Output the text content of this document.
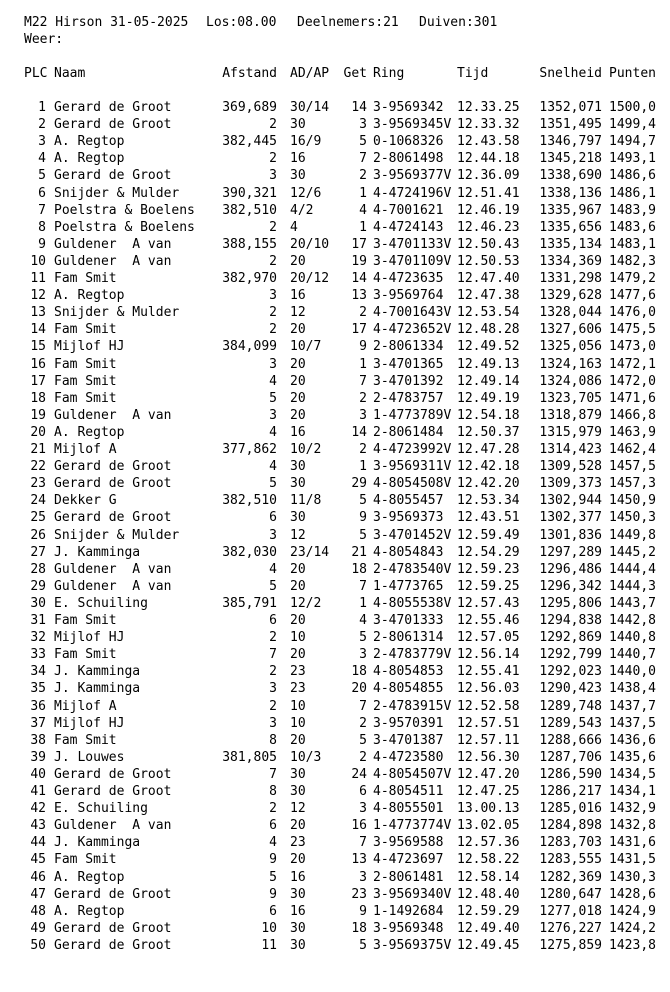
M22 Hirson 31-05-2025

Los:08.00

Deelnemers:21

Duiven:301

Weer:
PLC Naam	Afstand AD/AP Get Ring	Tijd	Snelheid Punten
1 Gerard de Groot	369,689 30/14 14 3-9569342 12.33.25 1352,071 1500,0
2 Gerard de Groot	2 30	3 3-9569345V 12.33.32 1351,495 1499,4
3 A. Regtop	382,445 16/9	5 0-1068326 12.43.58 1346,797 1494,7
4 A. Regtop	2 16	7 2-8061498 12.44.18 1345,218 1493,1
5 Gerard de Groot	3 30	2 3-9569377V 12.36.09 1338,690 1486,6
6 Snijder & Mulder	390,321 12/6	1 4-4724196V 12.51.41 1338,136 1486,1
7 Poelstra & Boelens 382,510 4/2	4 4-7001621 12.46.19 1335,967 1483,9
8 Poelstra & Boelens	2 4	1 4-4724143 12.46.23 1335,656 1483,6
9 Guldener  A van	388,155 20/10 17 3-4701133V 12.50.43 1335,134 1483,1
10 Guldener  A van	2 20	19 3-4701109V 12.50.53 1334,369 1482,3
11 Fam Smit	382,970 20/12 14 4-4723635 12.47.40 1331,298 1479,2
12 A. Regtop	3 16	13 3-9569764 12.47.38 1329,628 1477,6
13 Snijder & Mulder	2 12	2 4-7001643V 12.53.54 1328,044 1476,0
14 Fam Smit	2 20	17 4-4723652V 12.48.28 1327,606 1475,5
15 Mijlof HJ	384,099 10/7	9 2-8061334 12.49.52 1325,056 1473,0
16 Fam Smit	3 20	1 3-4701365 12.49.13 1324,163 1472,1
17 Fam Smit	4 20	7 3-4701392 12.49.14 1324,086 1472,0
18 Fam Smit	5 20	2 2-4783757 12.49.19 1323,705 1471,6
19 Guldener  A van	3 20	3 1-4773789V 12.54.18 1318,879 1466,8
20 A. Regtop	4 16	14 2-8061484 12.50.37 1315,979 1463,9
21 Mijlof A	377,862 10/2	2 4-4723992V 12.47.28 1314,423 1462,4
22 Gerard de Groot	4 30	1 3-9569311V 12.42.18 1309,528 1457,5
23 Gerard de Groot	5 30	29 4-8054508V 12.42.20 1309,373 1457,3
24 Dekker G	382,510 11/8	5 4-8055457 12.53.34 1302,944 1450,9
25 Gerard de Groot	6 30	9 3-9569373 12.43.51 1302,377 1450,3
26 Snijder & Mulder	3 12	5 3-4701452V 12.59.49 1301,836 1449,8
27 J. Kamminga	382,030 23/14 21 4-8054843 12.54.29 1297,289 1445,2
28 Guldener  A van	4 20	18 2-4783540V 12.59.23 1296,486 1444,4
29 Guldener  A van	5 20	7 1-4773765 12.59.25 1296,342 1444,3
30 E. Schuiling	385,791 12/2	1 4-8055538V 12.57.43 1295,806 1443,7
31 Fam Smit	6 20	4 3-4701333 12.55.46 1294,838 1442,8
32 Mijlof HJ	2 10	5 2-8061314 12.57.05 1292,869 1440,8
33 Fam Smit	7 20	3 2-4783779V 12.56.14 1292,799 1440,7
34 J. Kamminga	2 23	18 4-8054853 12.55.41 1292,023 1440,0
35 J. Kamminga	3 23	20 4-8054855 12.56.03 1290,423 1438,4
36 Mijlof A	2 10	7 2-4783915V 12.52.58 1289,748 1437,7
37 Mijlof HJ	3 10	2 3-9570391 12.57.51 1289,543 1437,5
38 Fam Smit	8 20	5 3-4701387 12.57.11 1288,666 1436,6
39 J. Louwes	381,805 10/3	2 4-4723580 12.56.30 1287,706 1435,6
40 Gerard de Groot	7 30	24 4-8054507V 12.47.20 1286,590 1434,5
41 Gerard de Groot	8 30	6 4-8054511 12.47.25 1286,217 1434,1
42 E. Schuiling	2 12	3 4-8055501 13.00.13 1285,016 1432,9
43 Guldener  A van	6 20	16 1-4773774V 13.02.05 1284,898 1432,8
44 J. Kamminga	4 23	7 3-9569588 12.57.36 1283,703 1431,6
45 Fam Smit	9 20	13 4-4723697 12.58.22 1283,555 1431,5
46 A. Regtop	5 16	3 2-8061481 12.58.14 1282,369 1430,3
47 Gerard de Groot	9 30	23 3-9569340V 12.48.40 1280,647 1428,6
48 A. Regtop	6 16	9 1-1492684 12.59.29 1277,018 1424,9
49 Gerard de Groot	10 30	18 3-9569348 12.49.40 1276,227 1424,2
50 Gerard de Groot	11 30	5 3-9569375V 12.49.45 1275,859 1423,8
